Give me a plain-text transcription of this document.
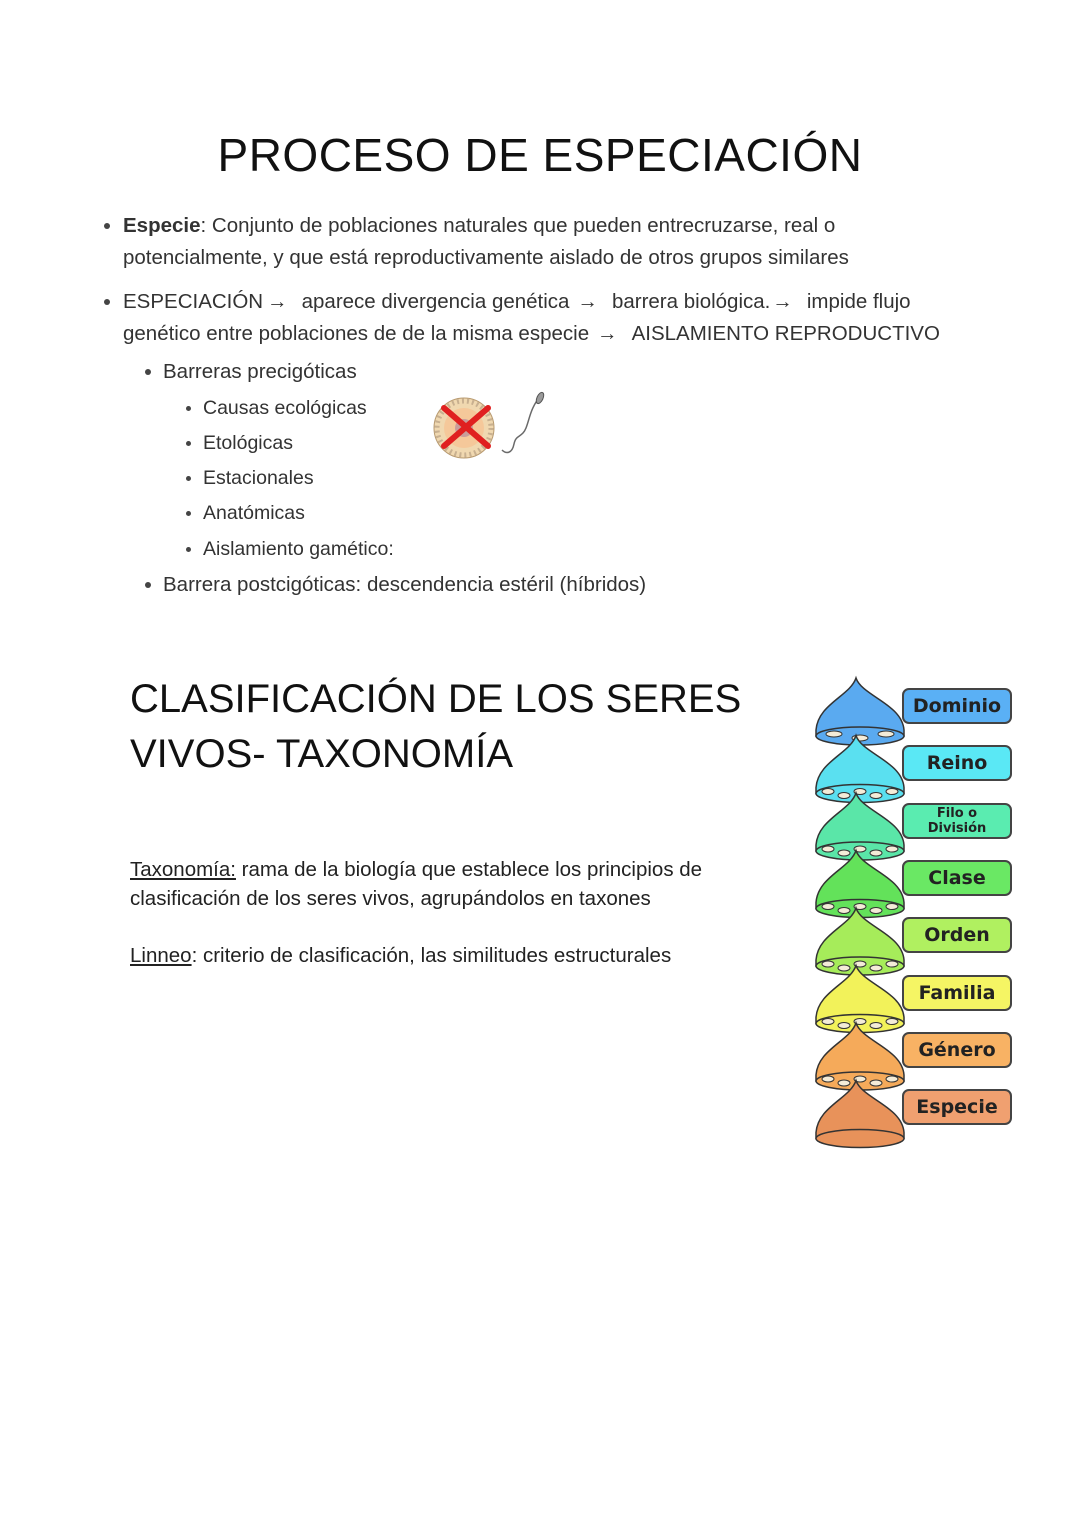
PROCESO DE ESPECIACIÓN
Especie: Conjunto de poblaciones naturales que pueden entrecruzarse, real o
potencialmente, y que está reproductivamente aislado de otros grupos similares
ESPECIACIÓN → aparece divergencia genética → barrera biológica.→ impide flujo
genético entre poblaciones de de la misma especie → AISLAMIENTO REPRODUCTIVO
Barreras precigóticas
Causas ecológicas
Etológicas
Estacionales
Anatómicas
Aislamiento gamético:
Barrera postcigóticas: descendencia estéril (híbridos)
CLASIFICACIÓN DE LOS SERES
VIVOS- TAXONOMÍA
Taxonomía: rama de la biología que establece los principios de
clasificación de los seres vivos, agrupándolos en taxones
Linneo: criterio de clasificación, las similitudes estructurales
Dominio
Reino
Filo o División
Clase
Orden
Familia
Género
Especie
